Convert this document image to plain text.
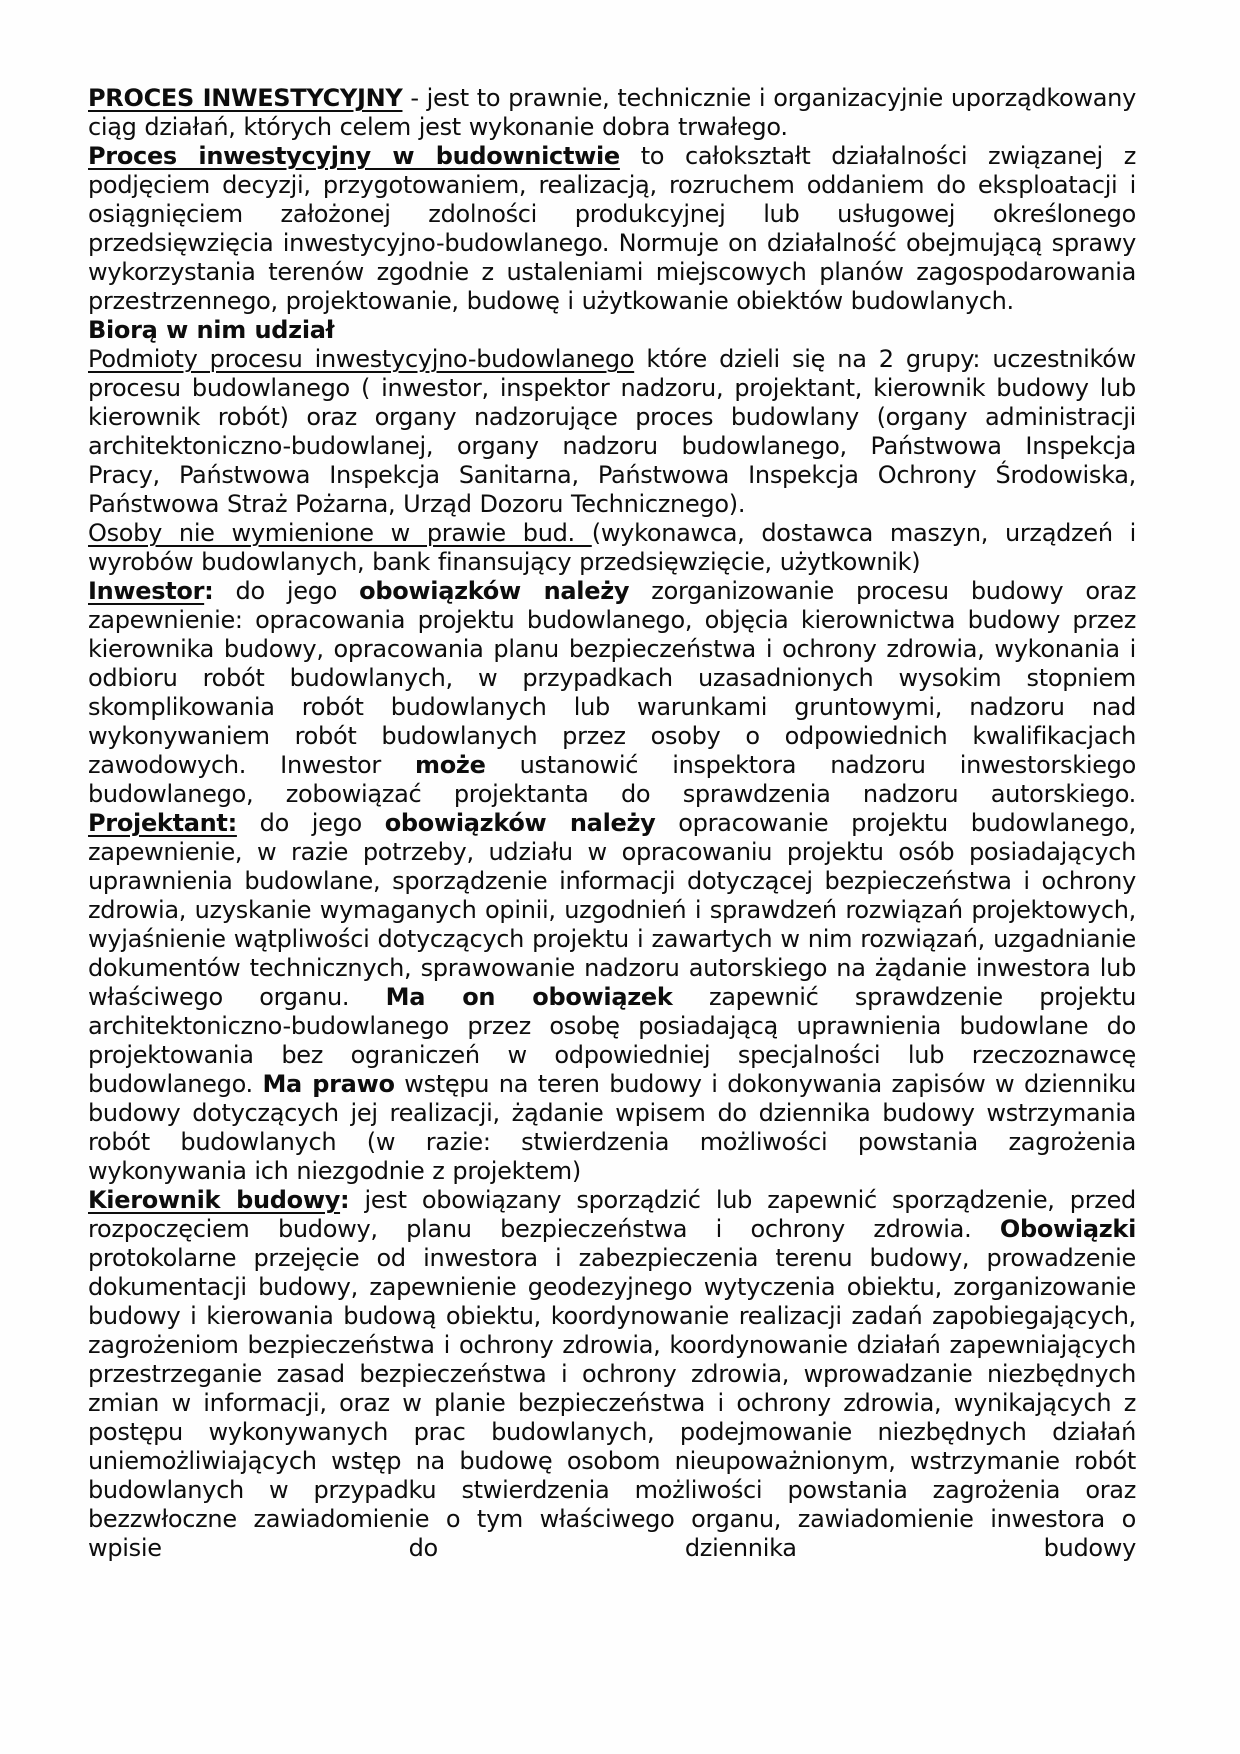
PROCES INWESTYCYJNY - jest to prawnie, technicznie i organizacyjnie uporządkowany ciąg działań, których celem jest wykonanie dobra trwałego.

Proces inwestycyjny w budownictwie to całokształt działalności związanej z podjęciem decyzji, przygotowaniem, realizacją, rozruchem oddaniem do eksploatacji i osiągnięciem założonej zdolności produkcyjnej lub usługowej określonego przedsięwzięcia inwestycyjno-budowlanego. Normuje on działalność obejmującą sprawy wykorzystania terenów zgodnie z ustaleniami miejscowych planów zagospodarowania przestrzennego, projektowanie, budowę i użytkowanie obiektów budowlanych.

Biorą w nim udział

Podmioty procesu inwestycyjno-budowlanego które dzieli się na 2 grupy: uczestników procesu budowlanego ( inwestor, inspektor nadzoru, projektant, kierownik budowy lub kierownik robót) oraz organy nadzorujące proces budowlany (organy administracji architektoniczno-budowlanej, organy nadzoru budowlanego, Państwowa Inspekcja Pracy, Państwowa Inspekcja Sanitarna, Państwowa Inspekcja Ochrony Środowiska, Państwowa Straż Pożarna, Urząd Dozoru Technicznego).

Osoby nie wymienione w prawie bud. (wykonawca, dostawca maszyn, urządzeń i wyrobów budowlanych, bank finansujący przedsięwzięcie, użytkownik)

Inwestor: do jego obowiązków należy zorganizowanie procesu budowy oraz zapewnienie: opracowania projektu budowlanego, objęcia kierownictwa budowy przez kierownika budowy, opracowania planu bezpieczeństwa i ochrony zdrowia, wykonania i odbioru robót budowlanych, w przypadkach uzasadnionych wysokim stopniem skomplikowania robót budowlanych lub warunkami gruntowymi, nadzoru nad wykonywaniem robót budowlanych przez osoby o odpowiednich kwalifikacjach zawodowych. Inwestor może ustanowić inspektora nadzoru inwestorskiego budowlanego, zobowiązać projektanta do sprawdzenia nadzoru autorskiego.

Projektant: do jego obowiązków należy opracowanie projektu budowlanego, zapewnienie, w razie potrzeby, udziału w opracowaniu projektu osób posiadających uprawnienia budowlane, sporządzenie informacji dotyczącej bezpieczeństwa i ochrony zdrowia, uzyskanie wymaganych opinii, uzgodnień i sprawdzeń rozwiązań projektowych, wyjaśnienie wątpliwości dotyczących projektu i zawartych w nim rozwiązań, uzgadnianie dokumentów technicznych, sprawowanie nadzoru autorskiego na żądanie inwestora lub właściwego organu. Ma on obowiązek zapewnić sprawdzenie projektu architektoniczno-budowlanego przez osobę posiadającą uprawnienia budowlane do projektowania bez ograniczeń w odpowiedniej specjalności lub rzeczoznawcę budowlanego. Ma prawo wstępu na teren budowy i dokonywania zapisów w dzienniku budowy dotyczących jej realizacji, żądanie wpisem do dziennika budowy wstrzymania robót budowlanych (w razie: stwierdzenia możliwości powstania zagrożenia wykonywania ich niezgodnie z projektem)

Kierownik budowy: jest obowiązany sporządzić lub zapewnić sporządzenie, przed rozpoczęciem budowy, planu bezpieczeństwa i ochrony zdrowia. Obowiązki protokolarne przejęcie od inwestora i zabezpieczenia terenu budowy, prowadzenie dokumentacji budowy, zapewnienie geodezyjnego wytyczenia obiektu, zorganizowanie budowy i kierowania budową obiektu, koordynowanie realizacji zadań zapobiegających, zagrożeniom bezpieczeństwa i ochrony zdrowia, koordynowanie działań zapewniających przestrzeganie zasad bezpieczeństwa i ochrony zdrowia, wprowadzanie niezbędnych zmian w informacji, oraz w planie bezpieczeństwa i ochrony zdrowia, wynikających z postępu wykonywanych prac budowlanych, podejmowanie niezbędnych działań uniemożliwiających wstęp na budowę osobom nieupoważnionym, wstrzymanie robót budowlanych w przypadku stwierdzenia możliwości powstania zagrożenia oraz bezzwłoczne zawiadomienie o tym właściwego organu, zawiadomienie inwestora o wpisie do dziennika budowy
